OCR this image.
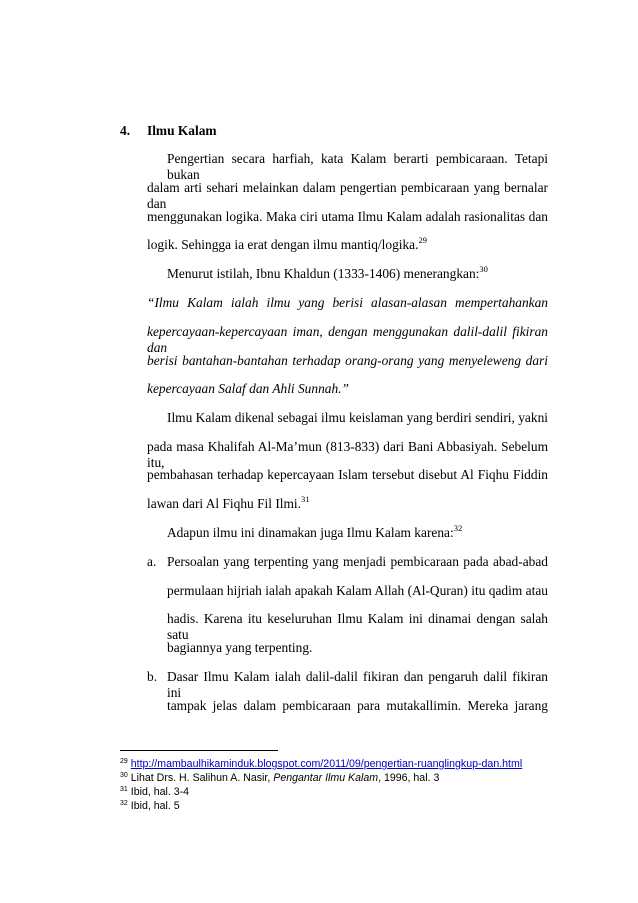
4. Ilmu Kalam
Pengertian secara harfiah, kata Kalam berarti pembicaraan. Tetapi bukan
dalam arti sehari melainkan dalam pengertian pembicaraan yang bernalar dan
menggunakan logika. Maka ciri utama Ilmu Kalam adalah rasionalitas dan
logik. Sehingga ia erat dengan ilmu mantiq/logika.$^{29}$
Menurut istilah, Ibnu Khaldun (1333-1406) menerangkan:$^{30}$
“Ilmu Kalam ialah ilmu yang berisi alasan-alasan mempertahankan
kepercayaan-kepercayaan iman, dengan menggunakan dalil-dalil fikiran dan
berisi bantahan-bantahan terhadap orang-orang yang menyeleweng dari
kepercayaan Salaf dan Ahli Sunnah.”
Ilmu Kalam dikenal sebagai ilmu keislaman yang berdiri sendiri, yakni
pada masa Khalifah Al-Ma’mun (813-833) dari Bani Abbasiyah. Sebelum itu,
pembahasan terhadap kepercayaan Islam tersebut disebut Al Fiqhu Fiddin
lawan dari Al Fiqhu Fil Ilmi.$^{31}$
Adapun ilmu ini dinamakan juga Ilmu Kalam karena:$^{32}$
a. Persoalan yang terpenting yang menjadi pembicaraan pada abad-abad
permulaan hijriah ialah apakah Kalam Allah (Al-Quran) itu qadim atau
hadis. Karena itu keseluruhan Ilmu Kalam ini dinamai dengan salah satu
bagiannya yang terpenting.
b. Dasar Ilmu Kalam ialah dalil-dalil fikiran dan pengaruh dalil fikiran ini
tampak jelas dalam pembicaraan para mutakallimin. Mereka jarang
$^{29}$ http://mambaulhikaminduk.blogspot.com/2011/09/pengertian-ruanglingkup-dan.html
$^{30}$ Lihat Drs. H. Salihun A. Nasir, Pengantar Ilmu Kalam, 1996, hal. 3
$^{31}$ Ibid, hal. 3-4
$^{32}$ Ibid, hal. 5
